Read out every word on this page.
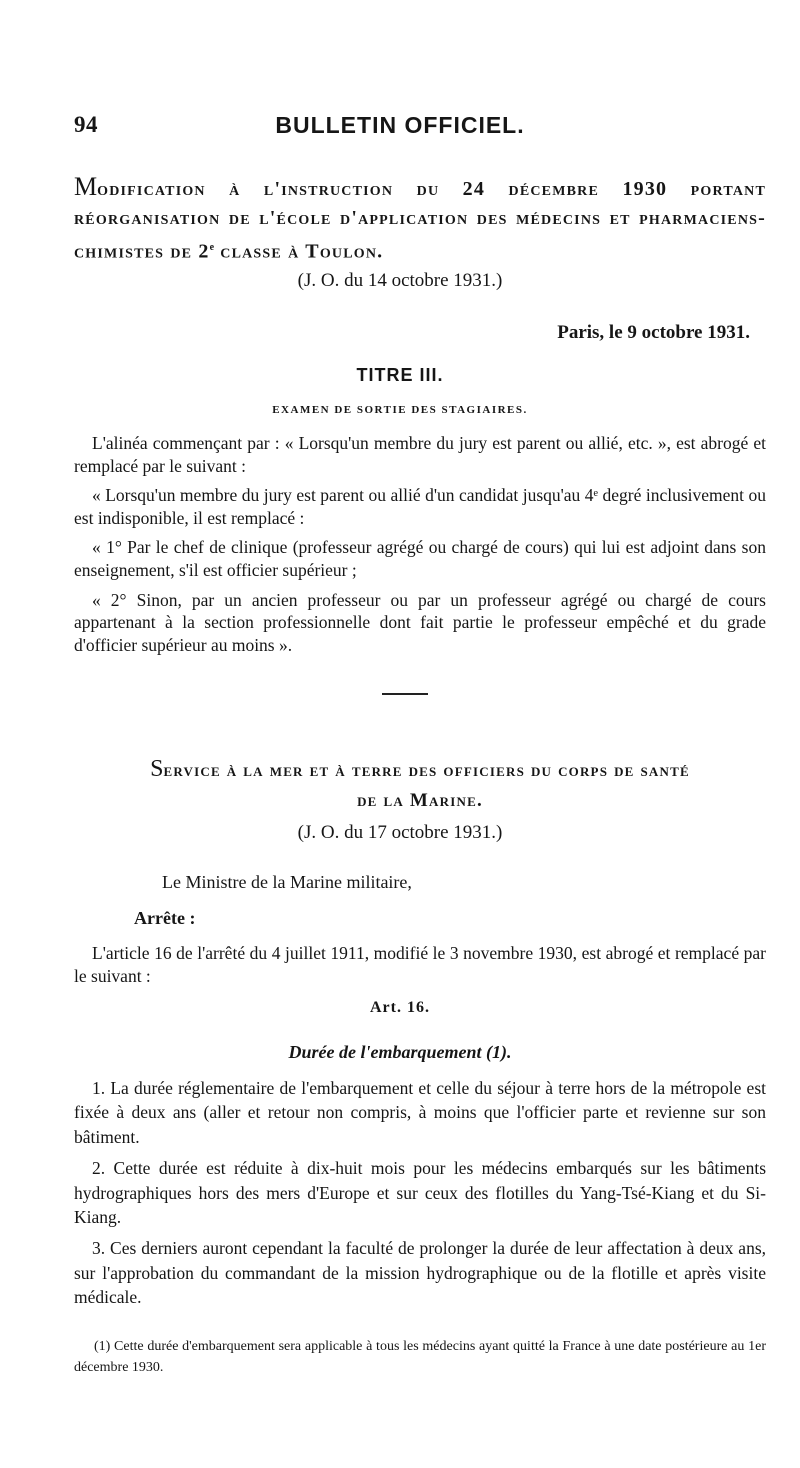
94	BULLETIN OFFICIEL.
Modification à l'instruction du 24 décembre 1930 portant réorganisation de l'école d'application des médecins et pharmaciens-chimistes de 2e classe à Toulon.
(J. O. du 14 octobre 1931.)
Paris, le 9 octobre 1931.
TITRE III.
EXAMEN DE SORTIE DES STAGIAIRES.

L'alinéa commençant par : « Lorsqu'un membre du jury est parent ou allié, etc. », est abrogé et remplacé par le suivant :

« Lorsqu'un membre du jury est parent ou allié d'un candidat jusqu'au 4ᵉ degré inclusivement ou est indisponible, il est remplacé :

« 1° Par le chef de clinique (professeur agrégé ou chargé de cours) qui lui est adjoint dans son enseignement, s'il est officier supérieur ;

« 2° Sinon, par un ancien professeur ou par un professeur agrégé ou chargé de cours appartenant à la section professionnelle dont fait partie le professeur empêché et du grade d'officier supérieur au moins ».

Service à la mer et à terre des officiers du corps de santé
de la Marine.
(J. O. du 17 octobre 1931.)
Le Ministre de la Marine militaire,
Arrête :

L'article 16 de l'arrêté du 4 juillet 1911, modifié le 3 novembre 1930, est abrogé et remplacé par le suivant :

Art. 16.
Durée de l'embarquement (1).

1. La durée réglementaire de l'embarquement et celle du séjour à terre hors de la métropole est fixée à deux ans (aller et retour non compris, à moins que l'officier parte et revienne sur son bâtiment.

2. Cette durée est réduite à dix-huit mois pour les médecins embarqués sur les bâtiments hydrographiques hors des mers d'Europe et sur ceux des flotilles du Yang-Tsé-Kiang et du Si-Kiang.

3. Ces derniers auront cependant la faculté de prolonger la durée de leur affectation à deux ans, sur l'approbation du commandant de la mission hydrographique ou de la flotille et après visite médicale.

(1) Cette durée d'embarquement sera applicable à tous les médecins ayant quitté la France à une date postérieure au 1er décembre 1930.
